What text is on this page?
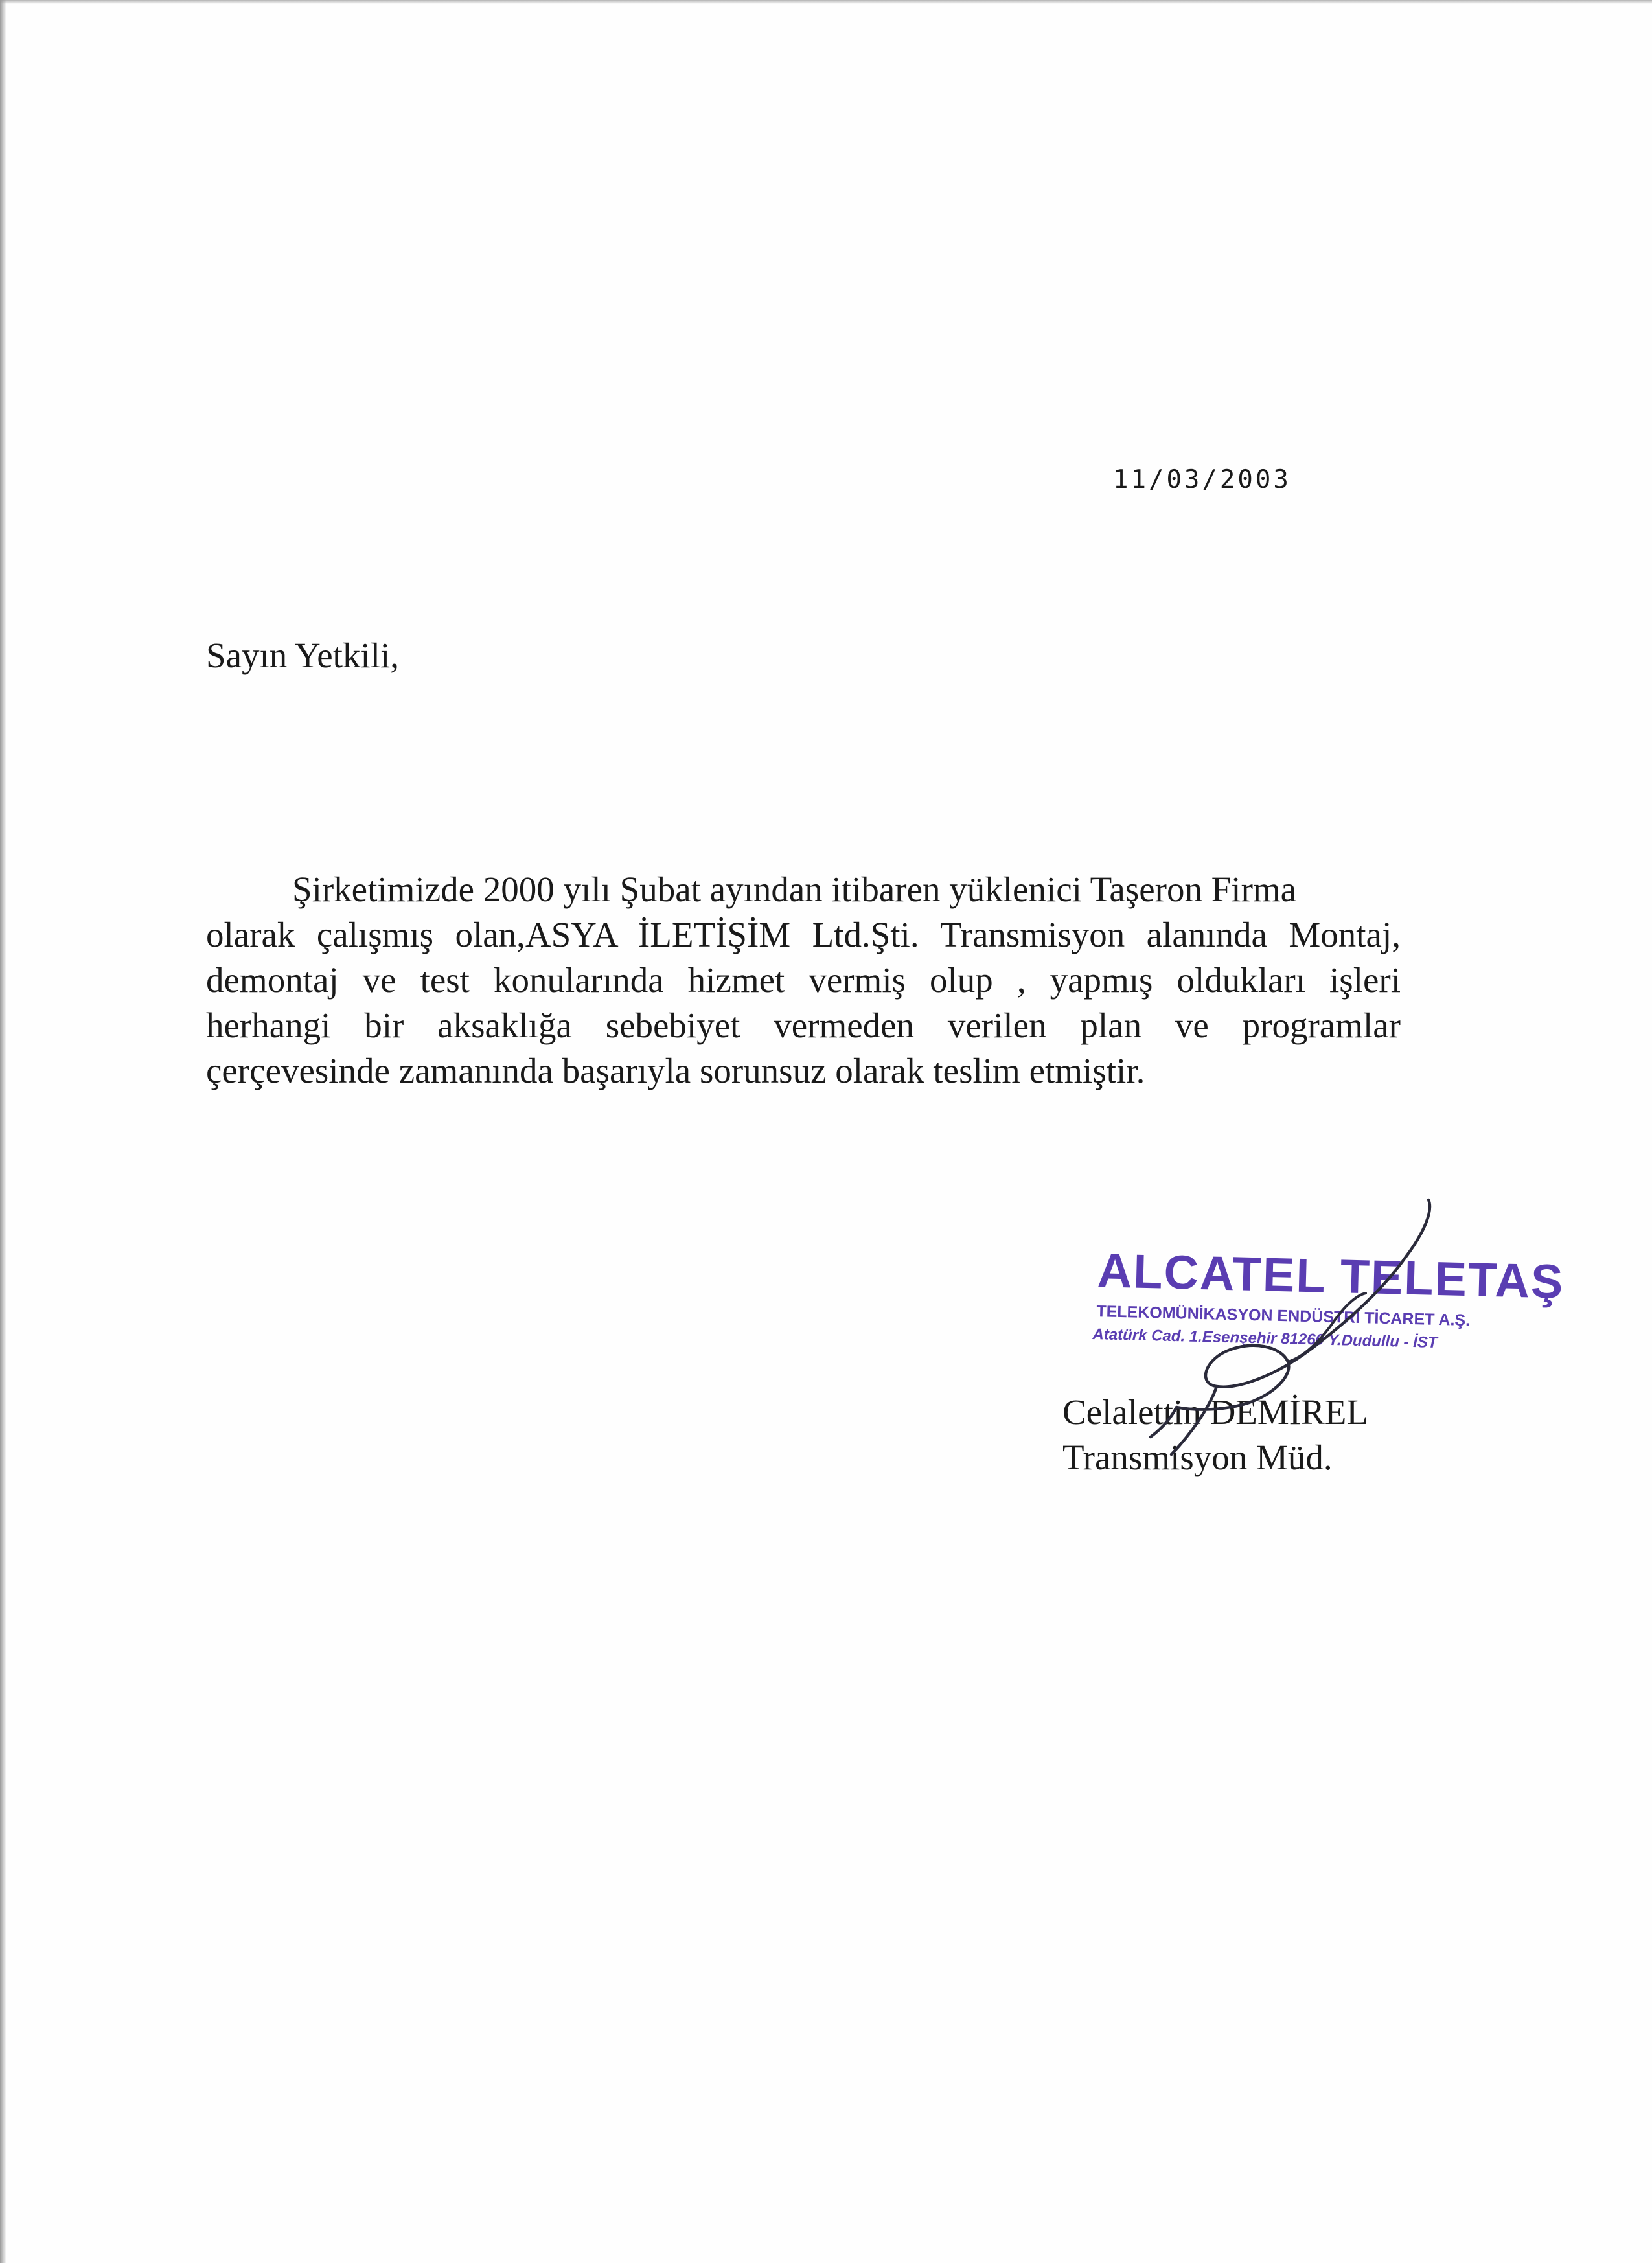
11/03/2003
Sayın Yetkili,
Şirketimizde 2000 yılı Şubat ayından itibaren yüklenici Taşeron Firma
olarak çalışmış olan,ASYA İLETİŞİM Ltd.Şti. Transmisyon alanında Montaj,
demontaj ve test konularında hizmet vermiş olup , yapmış oldukları işleri
herhangi bir aksaklığa sebebiyet vermeden verilen plan ve programlar
çerçevesinde zamanında başarıyla sorunsuz olarak teslim etmiştir.
ALCATEL TELETAŞ
TELEKOMÜNİKASYON ENDÜSTRİ TİCARET A.Ş.
Atatürk Cad. 1.Esenşehir 81260 Y.Dudullu - İST
Celalettin DEMİREL
Transmisyon Müd.
